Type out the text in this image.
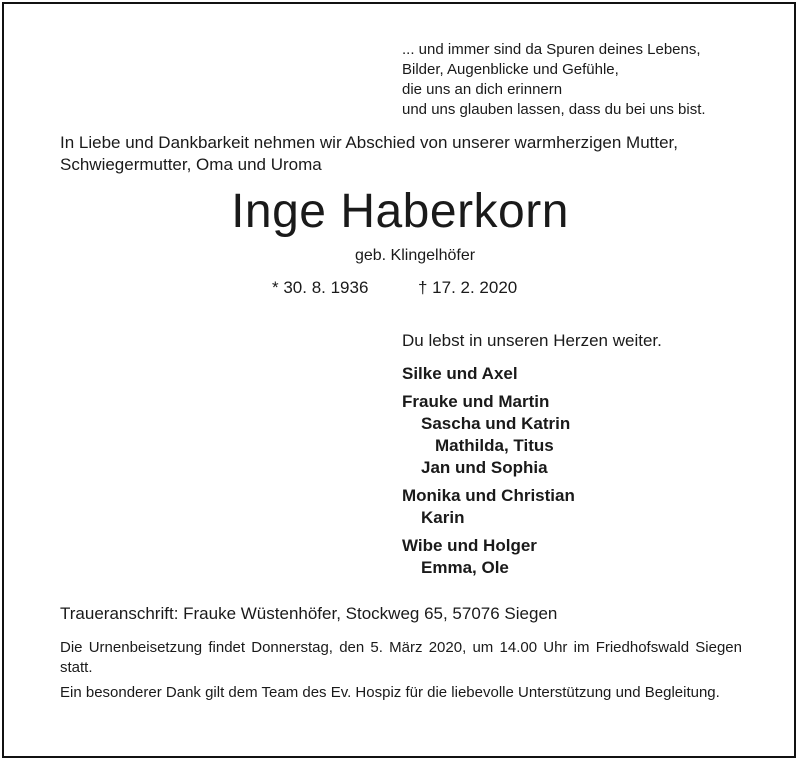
... und immer sind da Spuren deines Lebens,
Bilder, Augenblicke und Gefühle,
die uns an dich erinnern
und uns glauben lassen, dass du bei uns bist.
In Liebe und Dankbarkeit nehmen wir Abschied von unserer warmherzigen Mutter, Schwiegermutter, Oma und Uroma
Inge Haberkorn
geb. Klingelhöfer
* 30. 8. 1936	† 17. 2. 2020
Du lebst in unseren Herzen weiter.
Silke und Axel
Frauke und Martin
Sascha und Katrin
Mathilda, Titus
Jan und Sophia
Monika und Christian
Karin
Wibe und Holger
Emma, Ole
Traueranschrift: Frauke Wüstenhöfer, Stockweg 65, 57076 Siegen

Die Urnenbeisetzung findet Donnerstag, den 5. März 2020, um 14.00 Uhr im Friedhofswald Siegen statt.

Ein besonderer Dank gilt dem Team des Ev. Hospiz für die liebevolle Unterstützung und Begleitung.
